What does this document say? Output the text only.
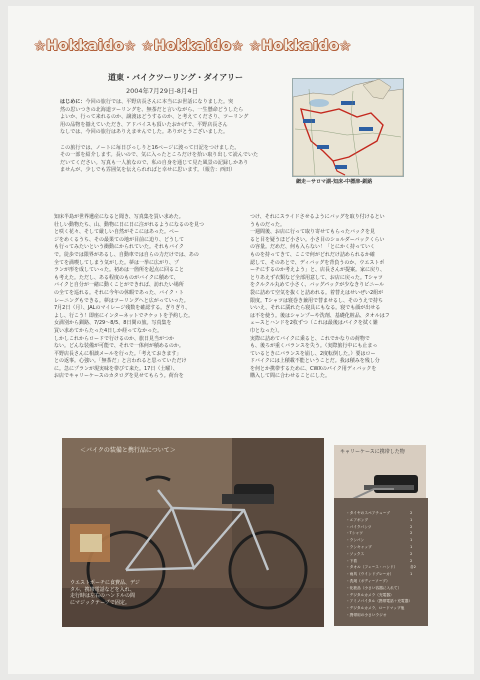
☆Hokkaido☆ ☆Hokkaido☆ ☆Hokkaido☆
道東・バイクツーリング・ダイアリー
2004年7月29日-8月4日

はじめに：今回の旅行では、平野店長さんに本当にお世話になりました。突

然の思いつきの北海道ツーリングを、無茶だと言いながら、一生懸命どうしたら

よいか、行って来れるのか、譲渡はどうするのか、と考えてくださり、ツーリング

用の品物を揃えていただき、アドバイスも頂いたおかげで、平野店長さん

なしでは、今回の旅行はありえませんでした。ありがとうございました。

この旅行では、ノートに毎日びっしりと16ページに渡って日記をつけました。

その一部を紹介します。長いので、気に入ったところだけを拾い取り出して読んでいた

だいてください。写真も一人旅なので、私の自身を通じて見た風景の記録しかあり

ませんが、少しでも雰囲気を伝えられればと幸せに思います。（報告：西田）

網走－サロマ湖-知床-中標津-釧路

知床半島が世界遺産になると聞き、写真集を買い求めた。

壮しい動物たち、山、動物に日に日に注がれるようになるのを見つ

と咲く花々、そして厳しい自然がそこにはあった。ペー

ジをめくるうち、その最果ての地が目前に迫り、どうして

も行ってみたいという衝動にかられていた。それもバイク

で。徒歩では限界があるし、自動車では自らの力だけでは、あの

全てを満喫してしまう気がした。夢は一挙に広がり、プ

ランが形を成していった。初めは一箇所を起点に回ること

も考えた。ただし、ある程度のものがバイクに積めて、

バイクと自分が一緒に動くことができれば、訪れたい場所

の全てを巡れる。それに今年の休暇であった、バイク・ト

レーニングもできる。夢はツーリングへと広がっていった。

7月2日（月）、JALのマイレージ残数を確認する。ぎりぎり、

よし、行こう！即座にインターネットでチケットを予約した。

女満別から釧路、7/29〜8/5、8日間の旅。写真集を

買い求めてからたった4日しか経ってなかった。

しかしこれからロードで行けるのか、旅日見当がつか

ない。どんな装備が可能で、それで一体何が積めるのか。

平野店長さんに相談メールを行った。「考えておきます」

との返事。心強い。「無茶だ」と言われると思っていただけ

に。急にプランが現実味を帯びて来た。17日（土曜）、

お店でキャリーケースのカタログを見せてもらう。荷台を

つけ、それにスライドさせるようにバッグを取り付けるとい

うものだった。

一週間後、お店に行って取り寄せてもらったバックを見

ると目を疑うほど小さい。小さ目のショルダーバックくらい

の容量。だめだ、何も入らない！「とにかく持っていく

ものを持ってきて、ここで何がどれだけ詰められるか確

認して、そのあとで、ディバッグを背負うのか、ウエストポ

ーチにするのか考えよう」と、店長さんが提案。家に戻り、

とりあえず衣類など全部用意して、お店に戻った。Tシャツ

をクルクル丸めて小さく、バッグパックが少なきりビニール

袋に詰めて空気を抜くと詰めれる。着替えはせいぜい2組が

限度。Tシャツは寝巻き兼用で替ませるし、そのうえで持ち

いいえ、それに濡れたら寝具にもなる。寝でも顔が出せる

は不を使う。後はシャンプーや洗剤、基礎化粧品、タオルはフ

ェースとハンドを2枚ずつ（これは最後はパイクを拭く雑

巾となった）。

実際に詰めてバイクに乗ると、これでかなりの荷物で

も、後ろが重くバランスを失う。（実際旅行中にも止まっ

ているときにバランスを崩し、2度転倒した。）要はロー

ドバイクには上積載不能ということだ。我は積みを残し分

を何とか携帯するために、CWXのパイク用ディバックを

購入して間に合わせることにした。

＜バイクの装備と携行品について＞
ウエストポーチに食費品、デジ
タル、携帯電話などを入れ、
走行時は左右のハンドルの間
にマジックテープで固定。
キャリーケースに携帯した物
・タイヤのスペアチューブ	2
・エアポンプ	1
・パイクパンツ	2
・Tシャツ	2
・ランパン	1
・ランキャップ	1
・ソックス	2
・下着	2
・タオル（フェース・ハンド）	各2
・雨具（ウインドブレーカ）	1
・洗剤（ボディーソープ）
・化粧品（小さい容器に入れて）
・デジタルカメラ（充電器）
・アミノバイタル（携帯電話＋充電器）
・デジタルカメラ、ロードマップ他
・携帯用の小さいラジオ
